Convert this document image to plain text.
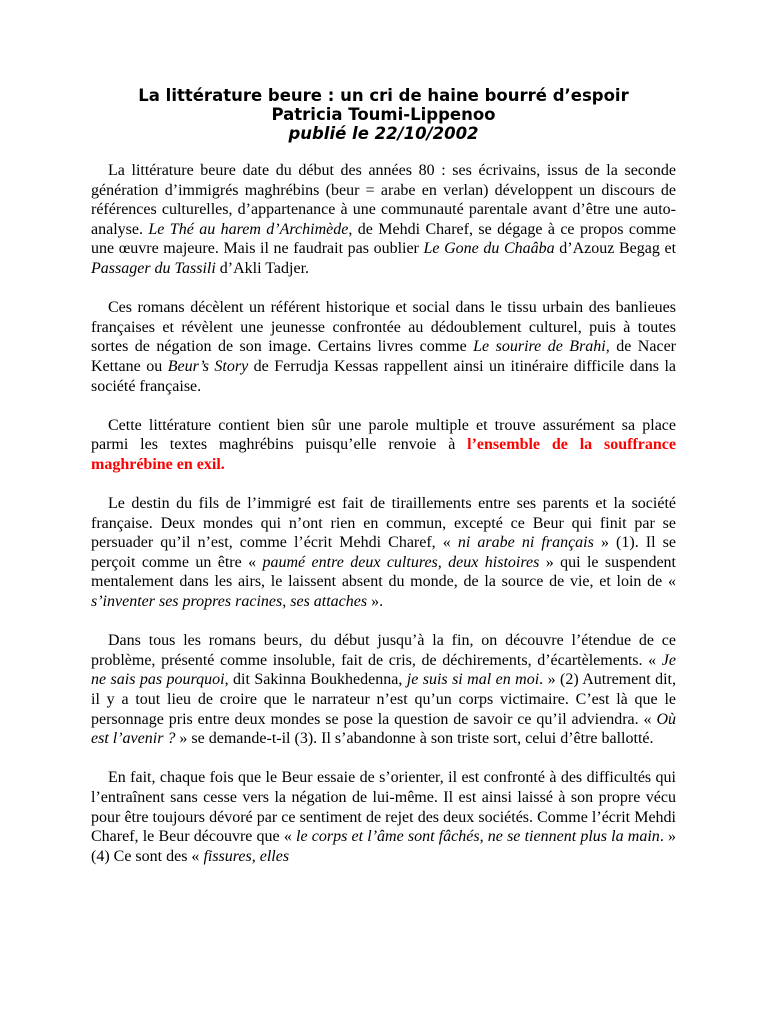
La littérature beure : un cri de haine bourré d’espoir
Patricia Toumi-Lippenoo
publié le 22/10/2002

La littérature beure date du début des années 80 : ses écrivains, issus de la seconde génération d’immigrés maghrébins (beur = arabe en verlan) développent un discours de références culturelles, d’appartenance à une communauté parentale avant d’être une auto-analyse. Le Thé au harem d’Archimède, de Mehdi Charef, se dégage à ce propos comme une œuvre majeure. Mais il ne faudrait pas oublier Le Gone du Chaâba d’Azouz Begag et Passager du Tassili d’Akli Tadjer.

Ces romans décèlent un référent historique et social dans le tissu urbain des banlieues françaises et révèlent une jeunesse confrontée au dédoublement culturel, puis à toutes sortes de négation de son image. Certains livres comme Le sourire de Brahi, de Nacer Kettane ou Beur’s Story de Ferrudja Kessas rappellent ainsi un itinéraire difficile dans la société française.

Cette littérature contient bien sûr une parole multiple et trouve assurément sa place parmi les textes maghrébins puisqu’elle renvoie à l’ensemble de la souffrance maghrébine en exil.

Le destin du fils de l’immigré est fait de tiraillements entre ses parents et la société française. Deux mondes qui n’ont rien en commun, excepté ce Beur qui finit par se persuader qu’il n’est, comme l’écrit Mehdi Charef, « ni arabe ni français » (1). Il se perçoit comme un être « paumé entre deux cultures, deux histoires » qui le suspendent mentalement dans les airs, le laissent absent du monde, de la source de vie, et loin de « s’inventer ses propres racines, ses attaches ».

Dans tous les romans beurs, du début jusqu’à la fin, on découvre l’étendue de ce problème, présenté comme insoluble, fait de cris, de déchirements, d’écartèlements. « Je ne sais pas pourquoi, dit Sakinna Boukhedenna, je suis si mal en moi. » (2) Autrement dit, il y a tout lieu de croire que le narrateur n’est qu’un corps victimaire. C’est là que le personnage pris entre deux mondes se pose la question de savoir ce qu’il adviendra. « Où est l’avenir ? » se demande-t-il (3). Il s’abandonne à son triste sort, celui d’être ballotté.

En fait, chaque fois que le Beur essaie de s’orienter, il est confronté à des difficultés qui l’entraînent sans cesse vers la négation de lui-même. Il est ainsi laissé à son propre vécu pour être toujours dévoré par ce sentiment de rejet des deux sociétés. Comme l’écrit Mehdi Charef, le Beur découvre que « le corps et l’âme sont fâchés, ne se tiennent plus la main. » (4) Ce sont des « fissures, elles
